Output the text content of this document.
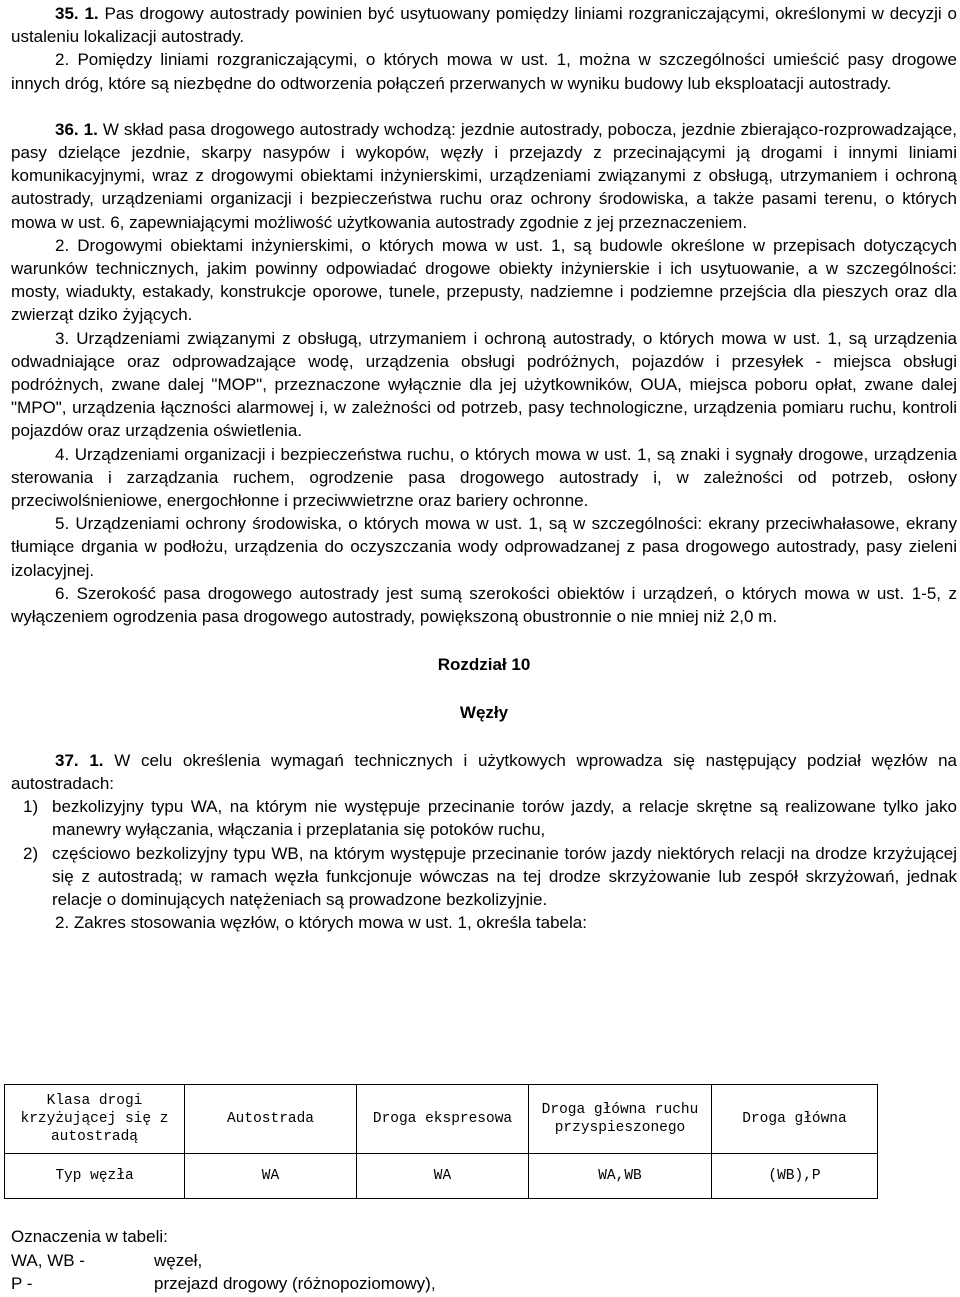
35. 1. Pas drogowy autostrady powinien być usytuowany pomiędzy liniami rozgraniczającymi, określonymi w decyzji o ustaleniu lokalizacji autostrady.

2. Pomiędzy liniami rozgraniczającymi, o których mowa w ust. 1, można w szczególności umieścić pasy drogowe innych dróg, które są niezbędne do odtworzenia połączeń przerwanych w wyniku budowy lub eksploatacji autostrady.

36. 1. W skład pasa drogowego autostrady wchodzą: jezdnie autostrady, pobocza, jezdnie zbierająco-rozprowadzające, pasy dzielące jezdnie, skarpy nasypów i wykopów, węzły i przejazdy z przecinającymi ją drogami i innymi liniami komunikacyjnymi, wraz z drogowymi obiektami inżynierskimi, urządzeniami związanymi z obsługą, utrzymaniem i ochroną autostrady, urządzeniami organizacji i bezpieczeństwa ruchu oraz ochrony środowiska, a także pasami terenu, o których mowa w ust. 6, zapewniającymi możliwość użytkowania autostrady zgodnie z jej przeznaczeniem.

2. Drogowymi obiektami inżynierskimi, o których mowa w ust. 1, są budowle określone w przepisach dotyczących warunków technicznych, jakim powinny odpowiadać drogowe obiekty inżynierskie i ich usytuowanie, a w szczególności: mosty, wiadukty, estakady, konstrukcje oporowe, tunele, przepusty, nadziemne i podziemne przejścia dla pieszych oraz dla zwierząt dziko żyjących.

3. Urządzeniami związanymi z obsługą, utrzymaniem i ochroną autostrady, o których mowa w ust. 1, są urządzenia odwadniające oraz odprowadzające wodę, urządzenia obsługi podróżnych, pojazdów i przesyłek - miejsca obsługi podróżnych, zwane dalej "MOP", przeznaczone wyłącznie dla jej użytkowników, OUA, miejsca poboru opłat, zwane dalej "MPO", urządzenia łączności alarmowej i, w zależności od potrzeb, pasy technologiczne, urządzenia pomiaru ruchu, kontroli pojazdów oraz urządzenia oświetlenia.

4. Urządzeniami organizacji i bezpieczeństwa ruchu, o których mowa w ust. 1, są znaki i sygnały drogowe, urządzenia sterowania i zarządzania ruchem, ogrodzenie pasa drogowego autostrady i, w zależności od potrzeb, osłony przeciwolśnieniowe, energochłonne i przeciwwietrzne oraz bariery ochronne.

5. Urządzeniami ochrony środowiska, o których mowa w ust. 1, są w szczególności: ekrany przeciwhałasowe, ekrany tłumiące drgania w podłożu, urządzenia do oczyszczania wody odprowadzanej z pasa drogowego autostrady, pasy zieleni izolacyjnej.

6. Szerokość pasa drogowego autostrady jest sumą szerokości obiektów i urządzeń, o których mowa w ust. 1-5, z wyłączeniem ogrodzenia pasa drogowego autostrady, powiększoną obustronnie o nie mniej niż 2,0 m.

Rozdział 10

Węzły

37. 1. W celu określenia wymagań technicznych i użytkowych wprowadza się następujący podział węzłów na autostradach:

1) bezkolizyjny typu WA, na którym nie występuje przecinanie torów jazdy, a relacje skrętne są realizowane tylko jako manewry wyłączania, włączania i przeplatania się potoków ruchu,
2) częściowo bezkolizyjny typu WB, na którym występuje przecinanie torów jazdy niektórych relacji na drodze krzyżującej się z autostradą; w ramach węzła funkcjonuje wówczas na tej drodze skrzyżowanie lub zespół skrzyżowań, jednak relacje o dominujących natężeniach są prowadzone bezkolizyjnie.

2. Zakres stosowania węzłów, o których mowa w ust. 1, określa tabela:

Klasa drogi krzyżującej się z autostradą	Autostrada	Droga ekspresowa	Droga główna ruchu przyspieszonego	Droga główna
Typ węzła	WA	WA	WA,WB	(WB),P
Oznaczenia w tabeli:
WA, WB -	węzeł,
P -	przejazd drogowy (różnopoziomowy),
